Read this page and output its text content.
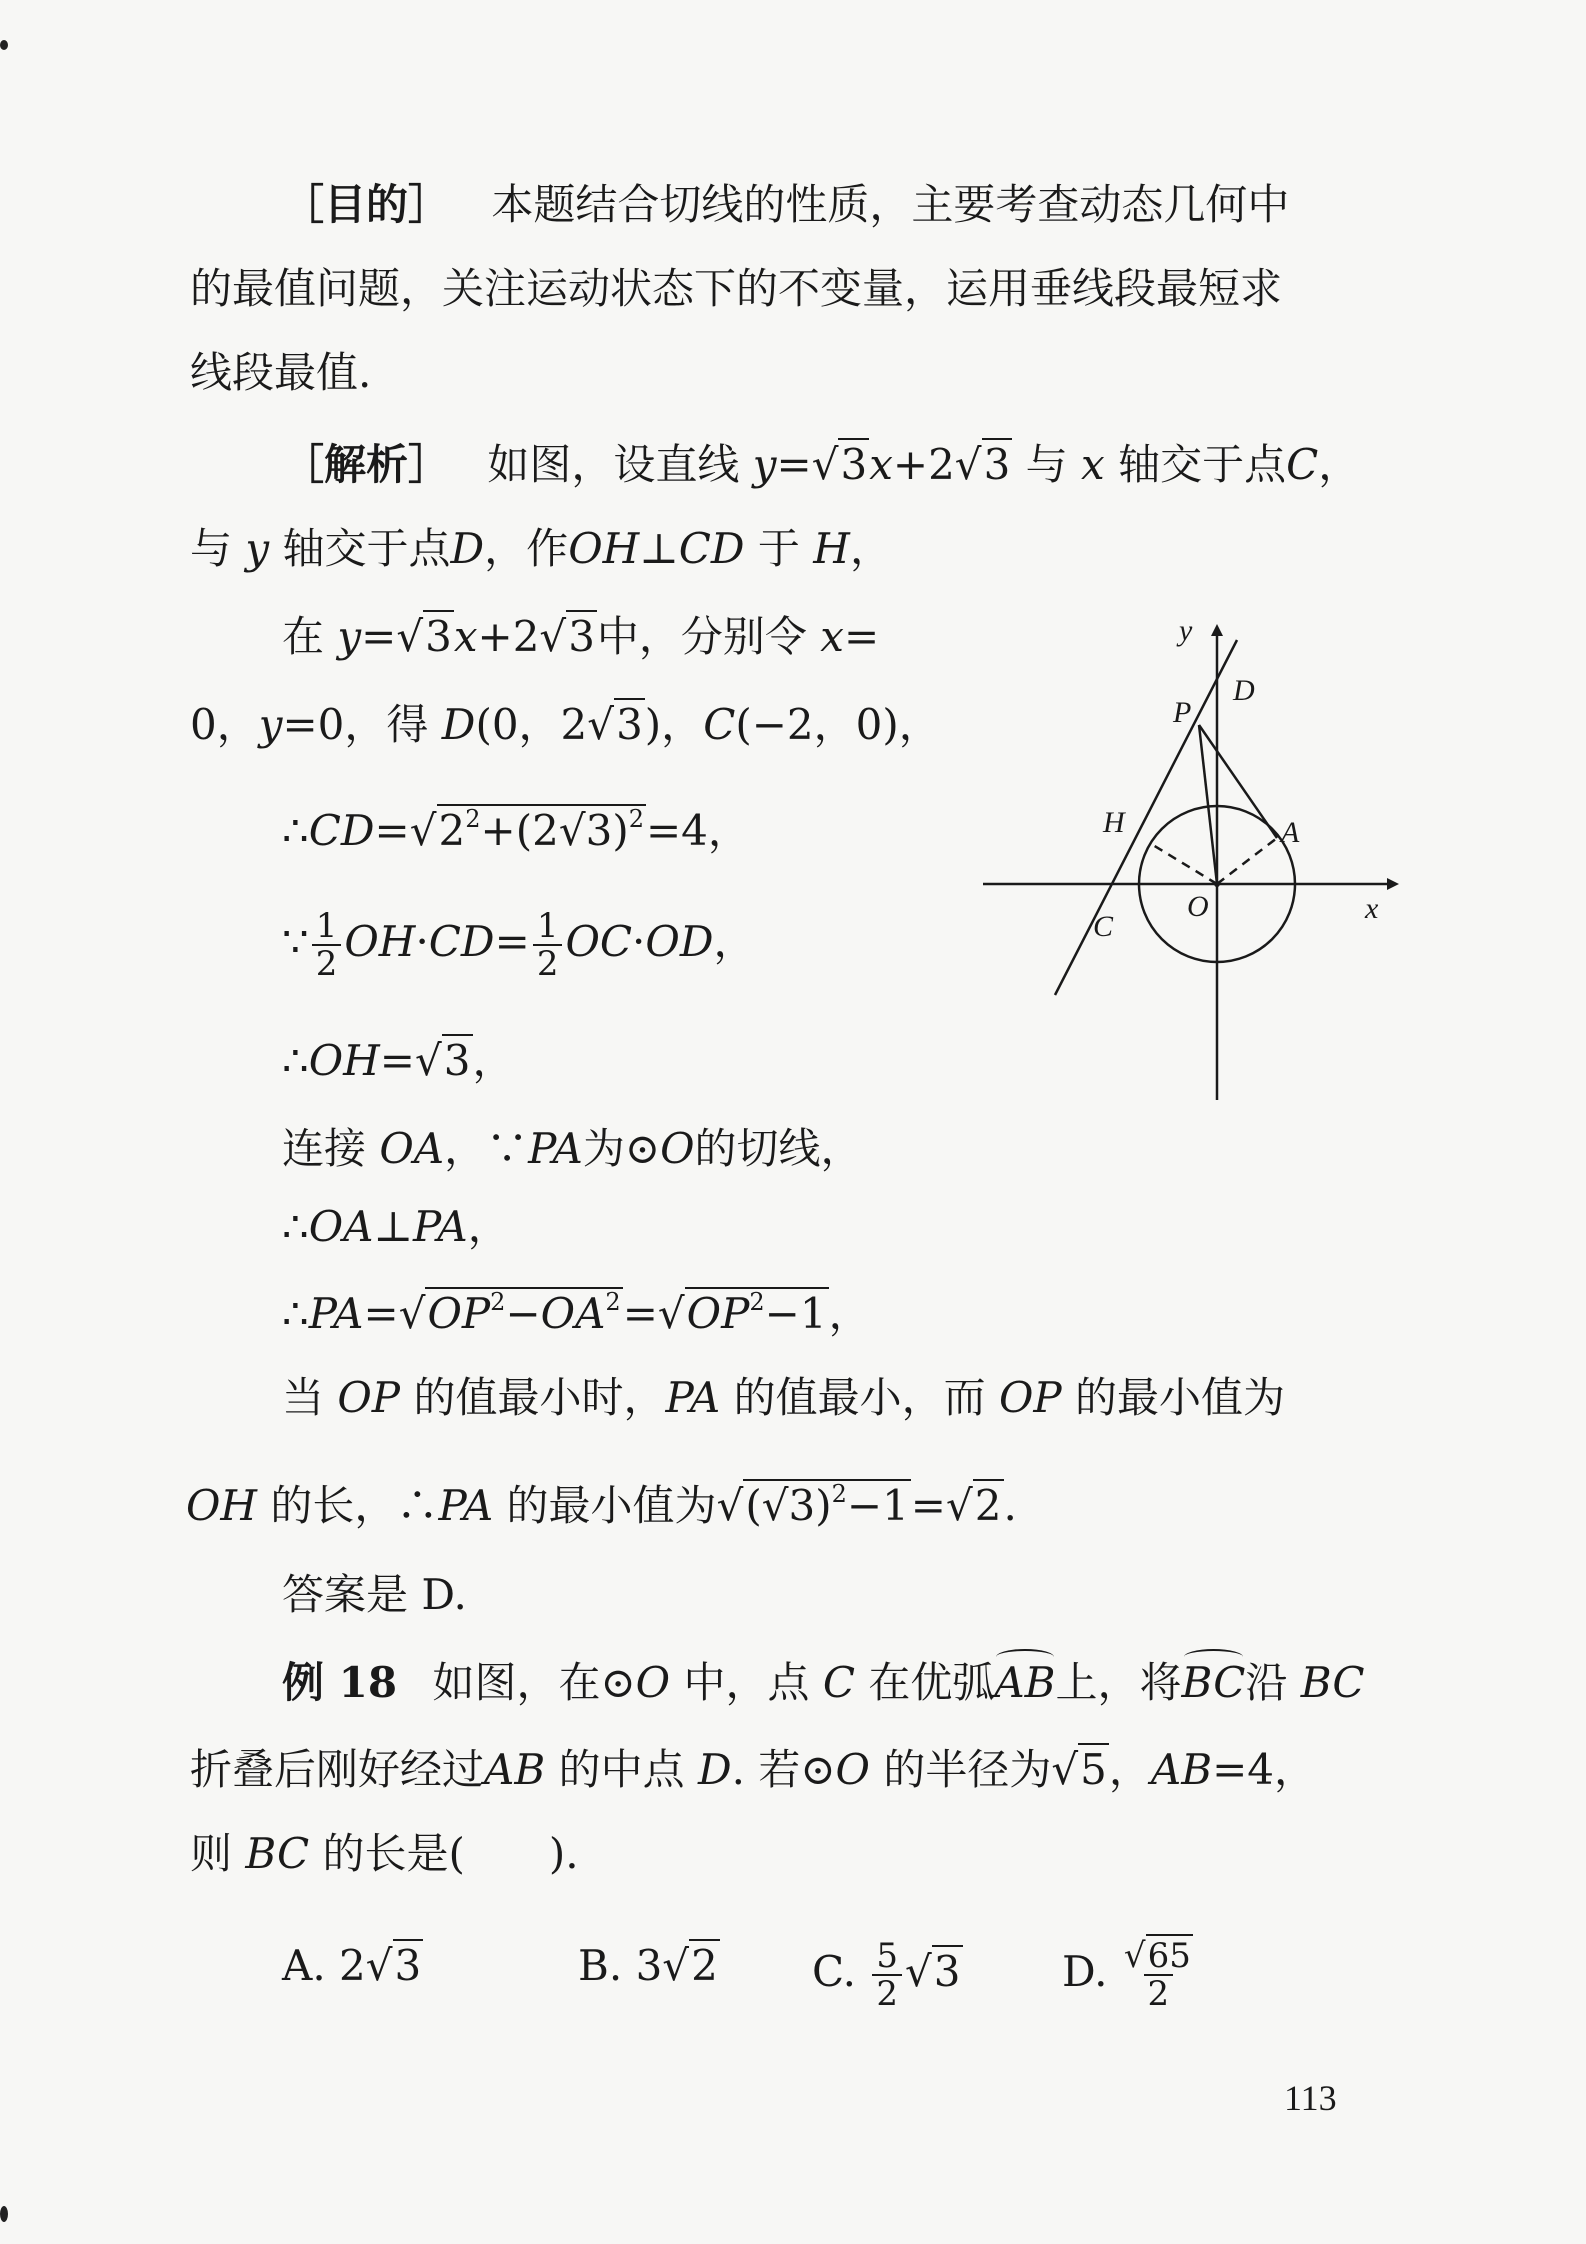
［目的］ 本题结合切线的性质，主要考查动态几何中
的最值问题，关注运动状态下的不变量，运用垂线段最短求
线段最值.
［解析］ 如图，设直线 y=√3x+2√3 与 x 轴交于点C，
与 y 轴交于点D，作OH⊥CD 于 H，
在 y=√3x+2√3中，分别令 x=
0，y=0，得 D(0，2√3)，C(−2，0)，
$\therefore CD=√2^2+(2√3)^2=4$，
∵ $\frac{1}{2} OH\cdot CD= \frac{1}{2} OC\cdot OD$，
∴OH=√3，
连接 OA，∵PA为⊙O的切线，
∴OA⊥PA，
$\therefore PA=√OP^2-OA^2=√OP^2-1$，
当 OP 的值最小时，PA 的值最小，而 OP 的最小值为
OH 的长，∴PA 的最小值为$√(√3)^2-1=√2$.
答案是 D.
例 18 如图，在⊙O 中，点 C 在优弧AB上，将BC沿 BC
折叠后刚好经过AB 的中点 D. 若⊙O 的半径为√5，AB=4，
则 BC 的长是(　　).
A. 2√3	B. 3√2 C. $\frac{5}{2} √3$ D. $\frac{√65}{2}$
113
y
D
P
H	A
O	x
C
